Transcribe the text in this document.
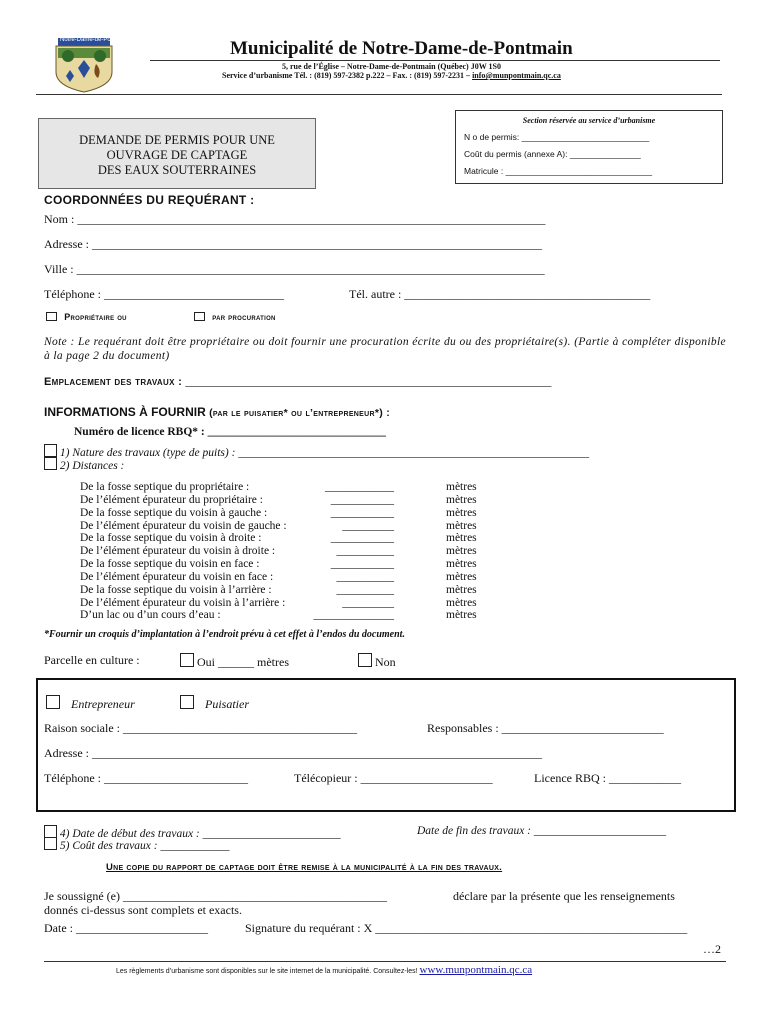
Notre-Dame-de-Pontmain	Municipalité de Notre-Dame-de-Pontmain
5, rue de l’Église – Notre-Dame-de-Pontmain (Québec) J0W 1S0
Service d’urbanisme Tél. : (819) 597-2382 p.222 – Fax. : (819) 597-2231 – info@munpontmain.qc.ca
DEMANDE DE PERMIS POUR UNE
OUVRAGE DE CAPTAGE
DES EAUX SOUTERRAINES
Section réservée au service d’urbanisme
N o de permis: ___________________________
Coût du permis (annexe A): _______________
Matricule : _______________________________
COORDONNÉES DU REQUÉRANT :
Nom : ______________________________________________________________________________
Adresse : ___________________________________________________________________________
Ville : ______________________________________________________________________________
Téléphone : ______________________________	Tél. autre : _________________________________________
Propriétaire ou	par procuration
Note : Le requérant doit être propriétaire ou doit fournir une procuration écrite du ou des propriétaire(s). (Partie à compléter disponible à la page 2 du document)
Emplacement des travaux : _____________________________________________________________
INFORMATIONS À FOURNIR (par le puisatier* ou l’entrepreneur*) :
Numéro de licence RBQ* : _______________________________
1) Nature des travaux (type de puits) : _____________________________________________________________
2) Distances :
De la fosse septique du propriétaire :	____________	mètres
De l’élément épurateur du propriétaire :	___________	mètres
De la fosse septique du voisin à gauche :	___________	mètres
De l’élément épurateur du voisin de gauche :	_________	mètres
De la fosse septique du voisin à droite :	___________	mètres
De l’élément épurateur du voisin à droite :	__________	mètres
De la fosse septique du voisin en face :	___________	mètres
De l’élément épurateur du voisin en face :	__________	mètres
De la fosse septique du voisin à l’arrière :	__________	mètres
De l’élément épurateur du voisin à l’arrière :	_________	mètres
D’un lac ou d’un cours d’eau :	______________	mètres
*Fournir un croquis d’implantation à l’endroit prévu à cet effet à l’endos du document.
Parcelle en culture :	Oui ______ mètres	Non
Entrepreneur	Puisatier
Raison sociale : _______________________________________	Responsables : ___________________________
Adresse : ___________________________________________________________________________
Téléphone : ________________________	Télécopieur : ______________________	Licence RBQ : ____________
4) Date de début des travaux : ________________________	Date de fin des travaux : _______________________
5) Coût des travaux : ____________
Une copie du rapport de captage doit être remise à la municipalité à la fin des travaux.
Je soussigné (e) ____________________________________________	déclare par la présente que les renseignements
donnés ci-dessus sont complets et exacts.
Date : ______________________	Signature du requérant : X ____________________________________________________
…2
Les règlements d’urbanisme sont disponibles sur le site internet de la municipalité. Consultez-les! www.munpontmain.qc.ca
